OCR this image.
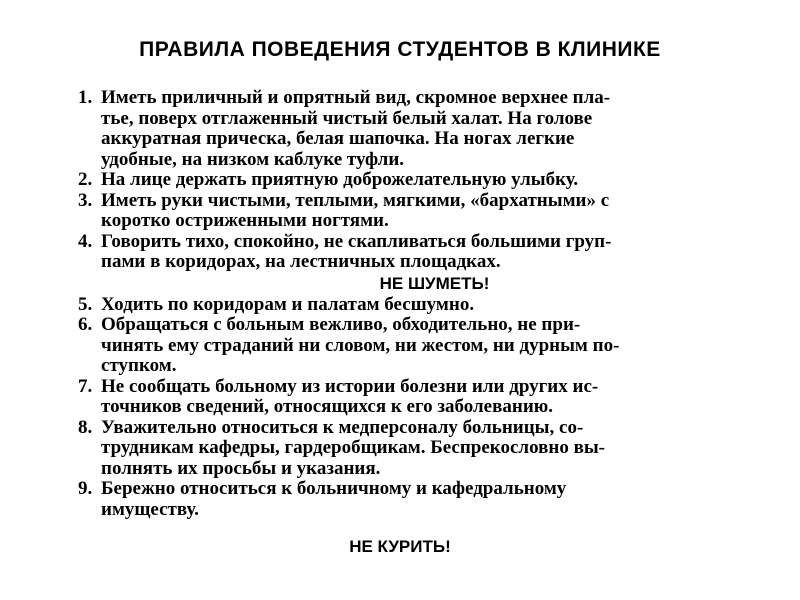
ПРАВИЛА ПОВЕДЕНИЯ СТУДЕНТОВ В КЛИНИКЕ
1. Иметь приличный и опрятный вид, скромное верхнее пла-
тье, поверх отглаженный чистый белый халат. На голове
аккуратная прическа, белая шапочка. На ногах легкие
удобные, на низком каблуке туфли.
2. На лице держать приятную доброжелательную улыбку.
3. Иметь руки чистыми, теплыми, мягкими, «бархатными» с
коротко остриженными ногтями.
4. Говорить тихо, спокойно, не скапливаться большими груп-
пами в коридорах, на лестничных площадках.
НЕ ШУМЕТЬ!
5. Ходить по коридорам и палатам бесшумно.
6. Обращаться с больным вежливо, обходительно, не при-
чинять ему страданий ни словом, ни жестом, ни дурным по-
ступком.
7. Не сообщать больному из истории болезни или других ис-
точников сведений, относящихся к его заболеванию.
8. Уважительно относиться к медперсоналу больницы, со-
трудникам кафедры, гардеробщикам. Беспрекословно вы-
полнять их просьбы и указания.
9. Бережно относиться к больничному и кафедральному
имуществу.
НЕ КУРИТЬ!
